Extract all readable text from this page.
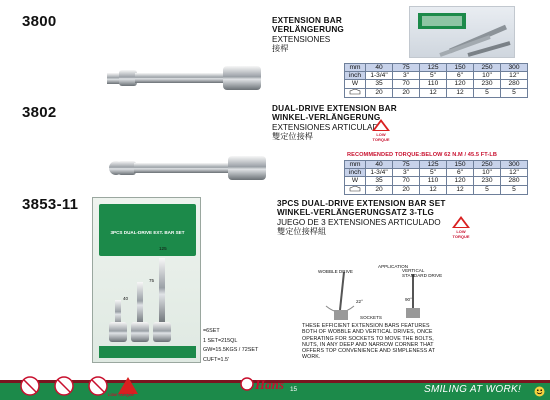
3800	EXTENSION BAR
VERLÄNGERUNG
EXTENSIONES
接桿
mm	40	75	125	150	250	300
inch	1-3/4"	3"	5"	6"	10"	12"
W	35	70	110	120	230	280
	20	20	12	12	5	5
3802	DUAL-DRIVE EXTENSION BAR
WINKEL-VERLÄNGERUNG
EXTENSIONES ARTICULADO
雙定位接桿	LOW TORQUE
RECOMMENDED TORQUE:BELOW 62 N.M / 45.5 FT-LB
mm	40	75	125	150	250	300
inch	1-3/4"	3"	5"	6"	10"	12"
W	35	70	110	120	230	280
	20	20	12	12	5	5
3853-11	3PCS DUAL-DRIVE EXTENSION BAR SET
WINKEL-VERLÄNGERUNGSATZ 3-TLG
JUEGO DE 3 EXTENSIONES ARTICULADO
雙定位接桿組	LOW TORQUE
3PCS DUAL-DRIVE EXT. BAR SET
125
75
40
=6SET
1 SET=215QL
GW=15.5KGS / 72SET
CUFT=1.5'
WOBBLE DRIVE
APPLICATION
VERTICAL
STANDARD DRIVE
22°	90°
SOCKETS
THESE EFFICIENT EXTENSION BARS FEATURES BOTH OF WOBBLE AND VERTICAL DRIVES, ONCE OPERATING FOR SOCKETS TO MOVE THE BOLTS, NUTS, IN ANY DEEP AND NARROW CORNER THAT OFFERS TOP CONVENIENCE AND SIMPLENESS AT WORK.
LOW TORQUE
Hans 15	SMILING AT WORK!
